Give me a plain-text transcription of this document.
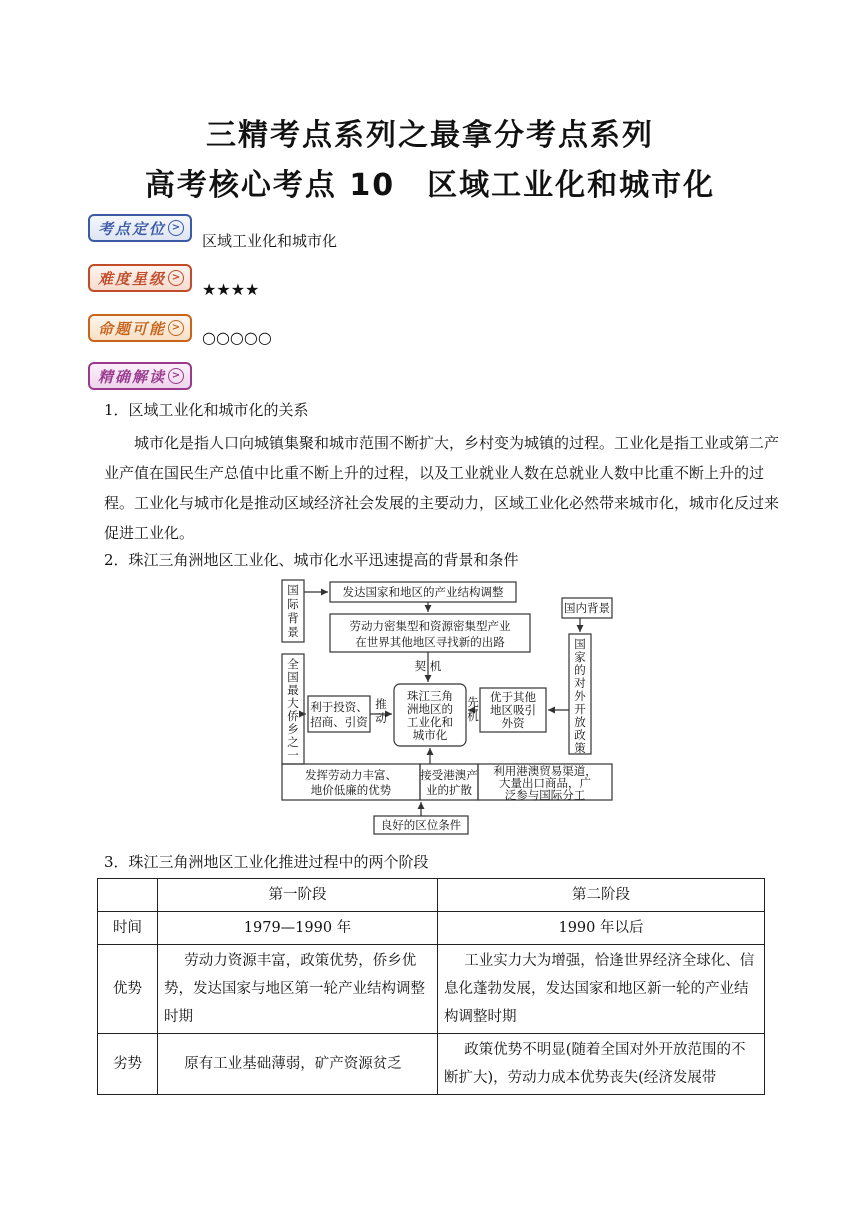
三精考点系列之最拿分考点系列
高考核心考点 10　区域工业化和城市化
考点定位 >
区域工业化和城市化
难度星级 >
★★★★
命题可能 >
○○○○○
精确解读 >
1．区域工业化和城市化的关系
城市化是指人口向城镇集聚和城市范围不断扩大，乡村变为城镇的过程。工业化是指工业或第二产业产值在国民生产总值中比重不断上升的过程，以及工业就业人数在总就业人数中比重不断上升的过程。 工业化与城市化是推动区域经济社会发展的主要动力，区域工业化必然带来城市化，城市化反过来促进工业化。
2．珠江三角洲地区工业化、城市化水平迅速提高的背景和条件
国际背景
发达国家和地区的产业结构调整
劳动力密集型和资源密集型产业
在世界其他地区寻找新的出路
契 机
国内背景
国家的对外开放政策
全国最大侨乡之一
利于投资、
招商、引资
推动
珠江三角
洲地区的
工业化和
城市化
先机
优于其他
地区吸引
外资
发挥劳动力丰富、
地价低廉的优势
接受港澳产
业的扩散
利用港澳贸易渠道，
大量出口商品，广
泛参与国际分工
良好的区位条件
3．珠江三角洲地区工业化推进过程中的两个阶段
	第一阶段	第二阶段
时间	1979—1990 年	1990 年以后
优势	劳动力资源丰富，政策优势，侨乡优势，发达国家与地区第一轮产业结构调整时期	工业实力大为增强，恰逢世界经济全球化、信息化蓬勃发展，发达国家和地区新一轮的产业结构调整时期
劣势	原有工业基础薄弱，矿产资源贫乏	政策优势不明显(随着全国对外开放范围的不断扩大)，劳动力成本优势丧失(经济发展带
